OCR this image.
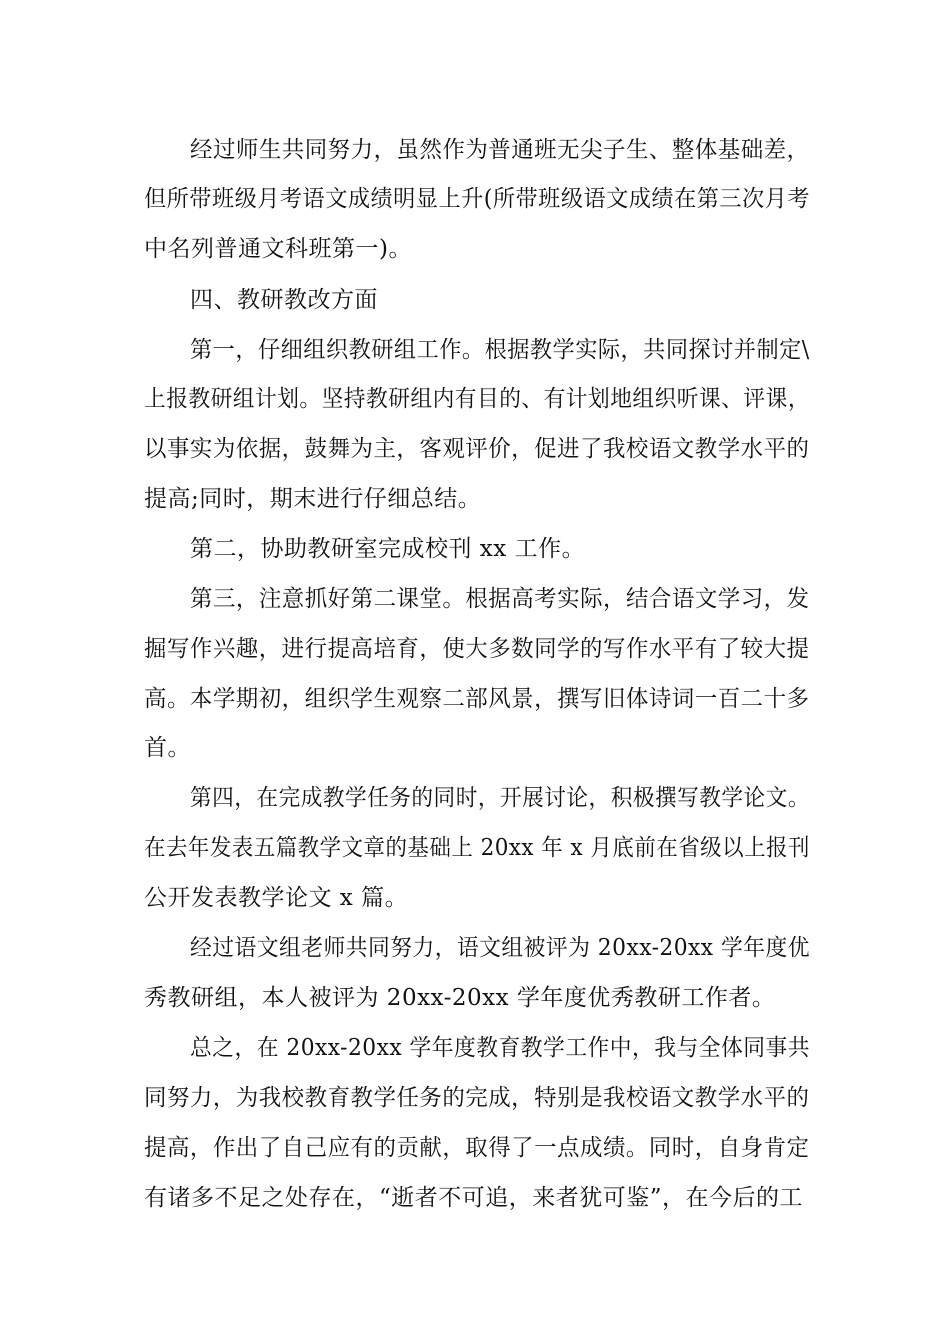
经过师生共同努力，虽然作为普通班无尖子生、整体基础差，
但所带班级月考语文成绩明显上升(所带班级语文成绩在第三次月考
中名列普通文科班第一)。
四、教研教改方面
第一，仔细组织教研组工作。根据教学实际，共同探讨并制定\
上报教研组计划。坚持教研组内有目的、有计划地组织听课、评课，
以事实为依据，鼓舞为主，客观评价，促进了我校语文教学水平的
提高;同时，期末进行仔细总结。
第二，协助教研室完成校刊 xx 工作。
第三，注意抓好第二课堂。根据高考实际，结合语文学习，发
掘写作兴趣，进行提高培育，使大多数同学的写作水平有了较大提
高。本学期初，组织学生观察二部风景，撰写旧体诗词一百二十多
首。
第四，在完成教学任务的同时，开展讨论，积极撰写教学论文。
在去年发表五篇教学文章的基础上 20xx 年 x 月底前在省级以上报刊
公开发表教学论文 x 篇。
经过语文组老师共同努力，语文组被评为 20xx-20xx 学年度优
秀教研组，本人被评为 20xx-20xx 学年度优秀教研工作者。
总之，在 20xx-20xx 学年度教育教学工作中，我与全体同事共
同努力，为我校教育教学任务的完成，特别是我校语文教学水平的
提高，作出了自己应有的贡献，取得了一点成绩。同时，自身肯定
有诸多不足之处存在，“逝者不可追，来者犹可鉴”，在今后的工
